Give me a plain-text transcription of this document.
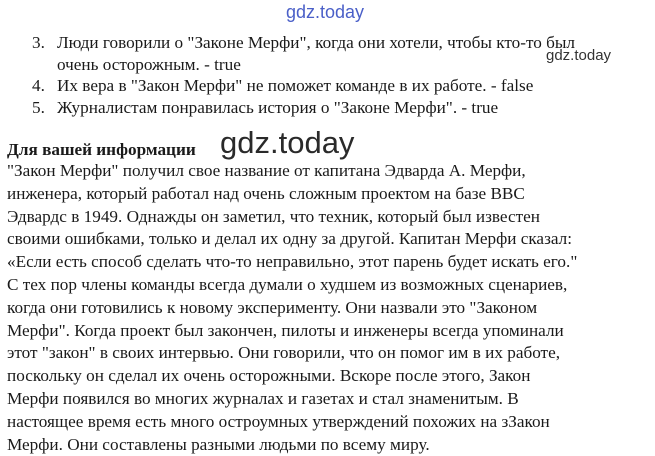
gdz.today
3. Люди говорили о "Законе Мерфи", когда они хотели, чтобы кто-то был
очень осторожным. - true
4. Их вера в "Закон Мерфи" не поможет команде в их работе. - false
5. Журналистам понравилась история о "Законе Мерфи". - true
gdz.today
Для вашей информации gdz.today
"Закон Мерфи" получил свое название от капитана Эдварда А. Мерфи,
инженера, который работал над очень сложным проектом на базе ВВС
Эдвардс в 1949. Однажды он заметил, что техник, который был известен
своими ошибками, только и делал их одну за другой. Капитан Мерфи сказал:
«Если есть способ сделать что-то неправильно, этот парень будет искать его."
С тех пор члены команды всегда думали о худшем из возможных сценариев,
когда они готовились к новому эксперименту. Они назвали это "Законом
Мерфи". Когда проект был закончен, пилоты и инженеры всегда упоминали
этот "закон" в своих интервью. Они говорили, что он помог им в их работе,
поскольку он сделал их очень осторожными. Вскоре после этого, Закон
Мерфи появился во многих журналах и газетах и стал знаменитым. В
настоящее время есть много остроумных утверждений похожих на зЗакон
Мерфи. Они составлены разными людьми по всему миру.
